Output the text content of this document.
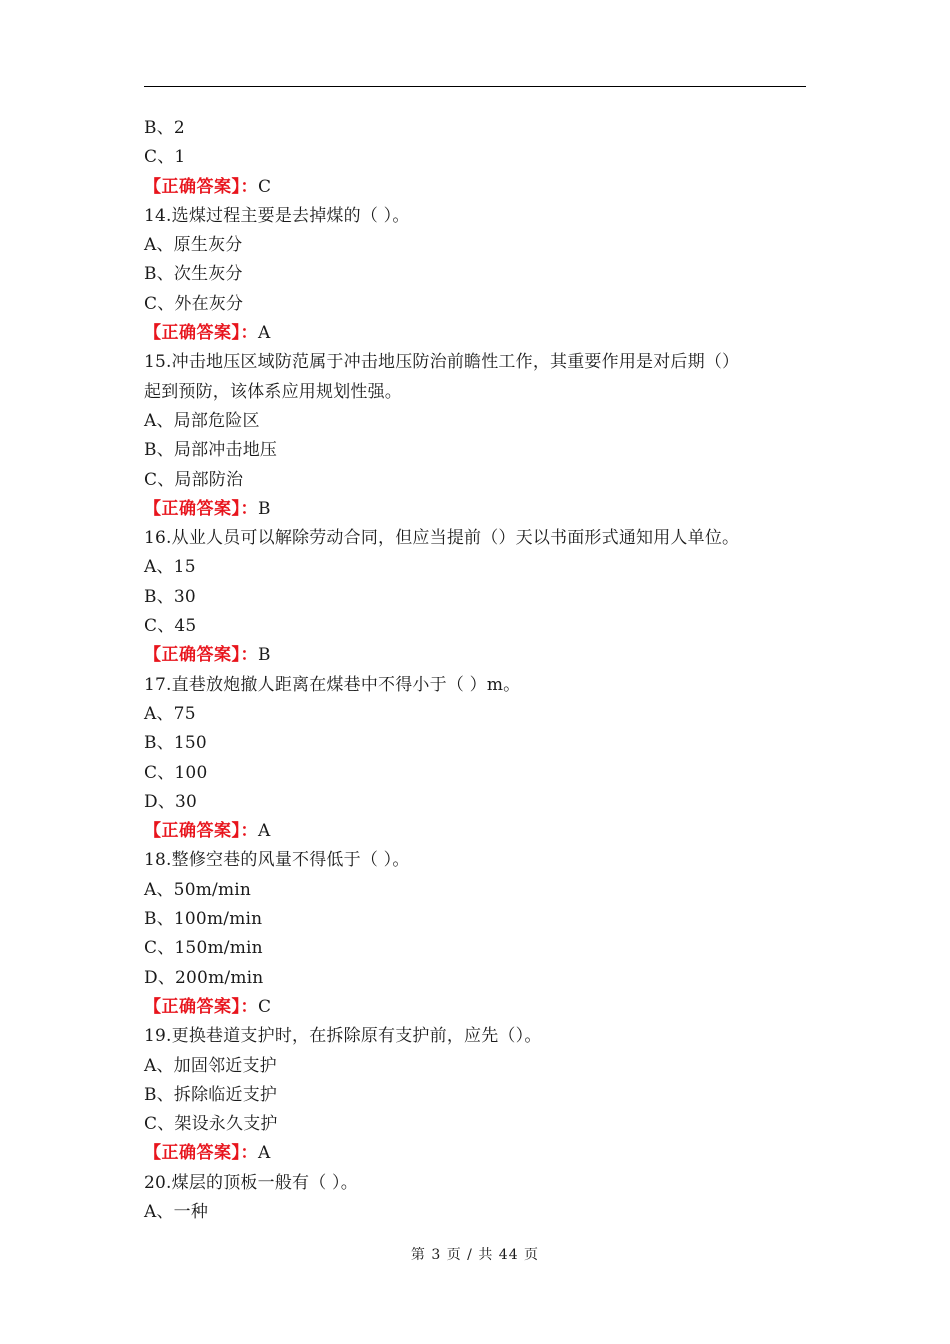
B、2
C、1
【正确答案】：C
14.选煤过程主要是去掉煤的（ ）。
A、原生灰分
B、次生灰分
C、外在灰分
【正确答案】：A
15.冲击地压区域防范属于冲击地压防治前瞻性工作，其重要作用是对后期（）
起到预防，该体系应用规划性强。
A、局部危险区
B、局部冲击地压
C、局部防治
【正确答案】：B
16.从业人员可以解除劳动合同，但应当提前（）天以书面形式通知用人单位。
A、15
B、30
C、45
【正确答案】：B
17.直巷放炮撤人距离在煤巷中不得小于（ ）m。
A、75
B、150
C、100
D、30
【正确答案】：A
18.整修空巷的风量不得低于（ ）。
A、50m/min
B、100m/min
C、150m/min
D、200m/min
【正确答案】：C
19.更换巷道支护时，在拆除原有支护前，应先（）。
A、加固邻近支护
B、拆除临近支护
C、架设永久支护
【正确答案】：A
20.煤层的顶板一般有（ ）。
A、一种
第 3 页 / 共 44 页
